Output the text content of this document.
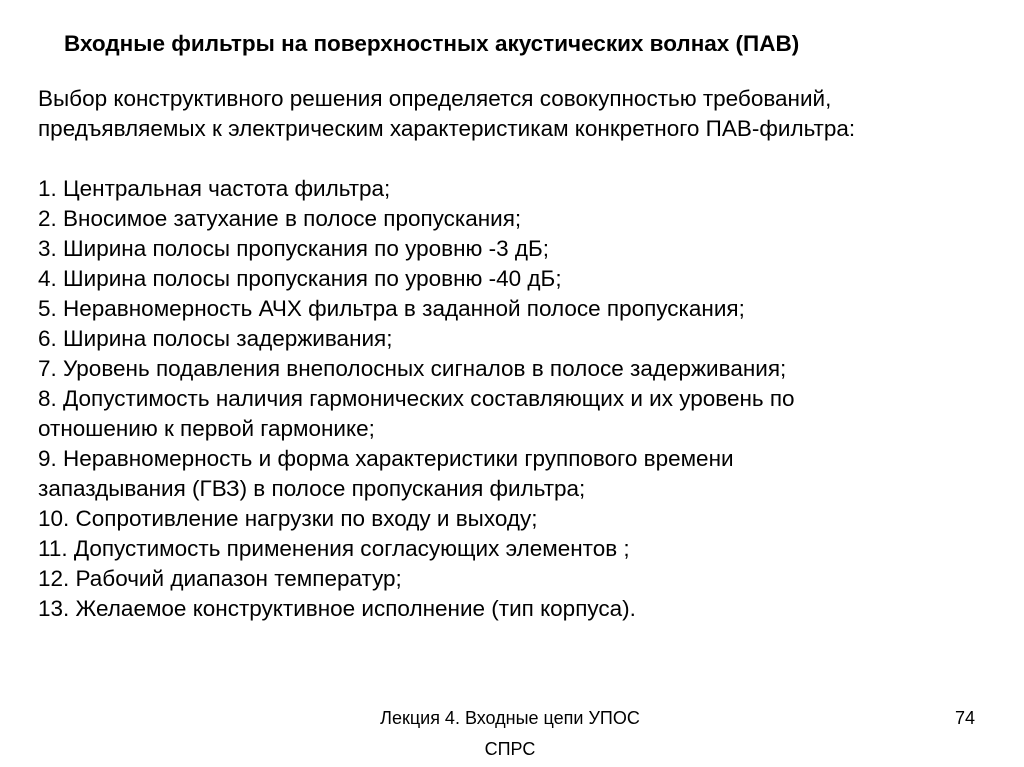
Входные фильтры на поверхностных акустических волнах (ПАВ)
Выбор конструктивного решения определяется совокупностью требований,
предъявляемых к электрическим характеристикам конкретного ПАВ-фильтра:
1. Центральная частота фильтра;
2. Вносимое затухание в полосе пропускания;
3. Ширина полосы пропускания по уровню -3 дБ;
4. Ширина полосы пропускания по уровню -40 дБ;
5. Неравномерность АЧХ фильтра в заданной полосе пропускания;
6. Ширина полосы задерживания;
7. Уровень подавления внеполосных сигналов в полосе задерживания;
8. Допустимость наличия гармонических составляющих и их уровень по
отношению к первой гармонике;
9. Неравномерность и форма характеристики группового времени
запаздывания (ГВЗ) в полосе пропускания фильтра;
10. Сопротивление нагрузки по входу и выходу;
11. Допустимость применения согласующих элементов ;
12. Рабочий диапазон температур;
13. Желаемое конструктивное исполнение (тип корпуса).
Лекция 4. Входные цепи УПОС
СПРС
74
